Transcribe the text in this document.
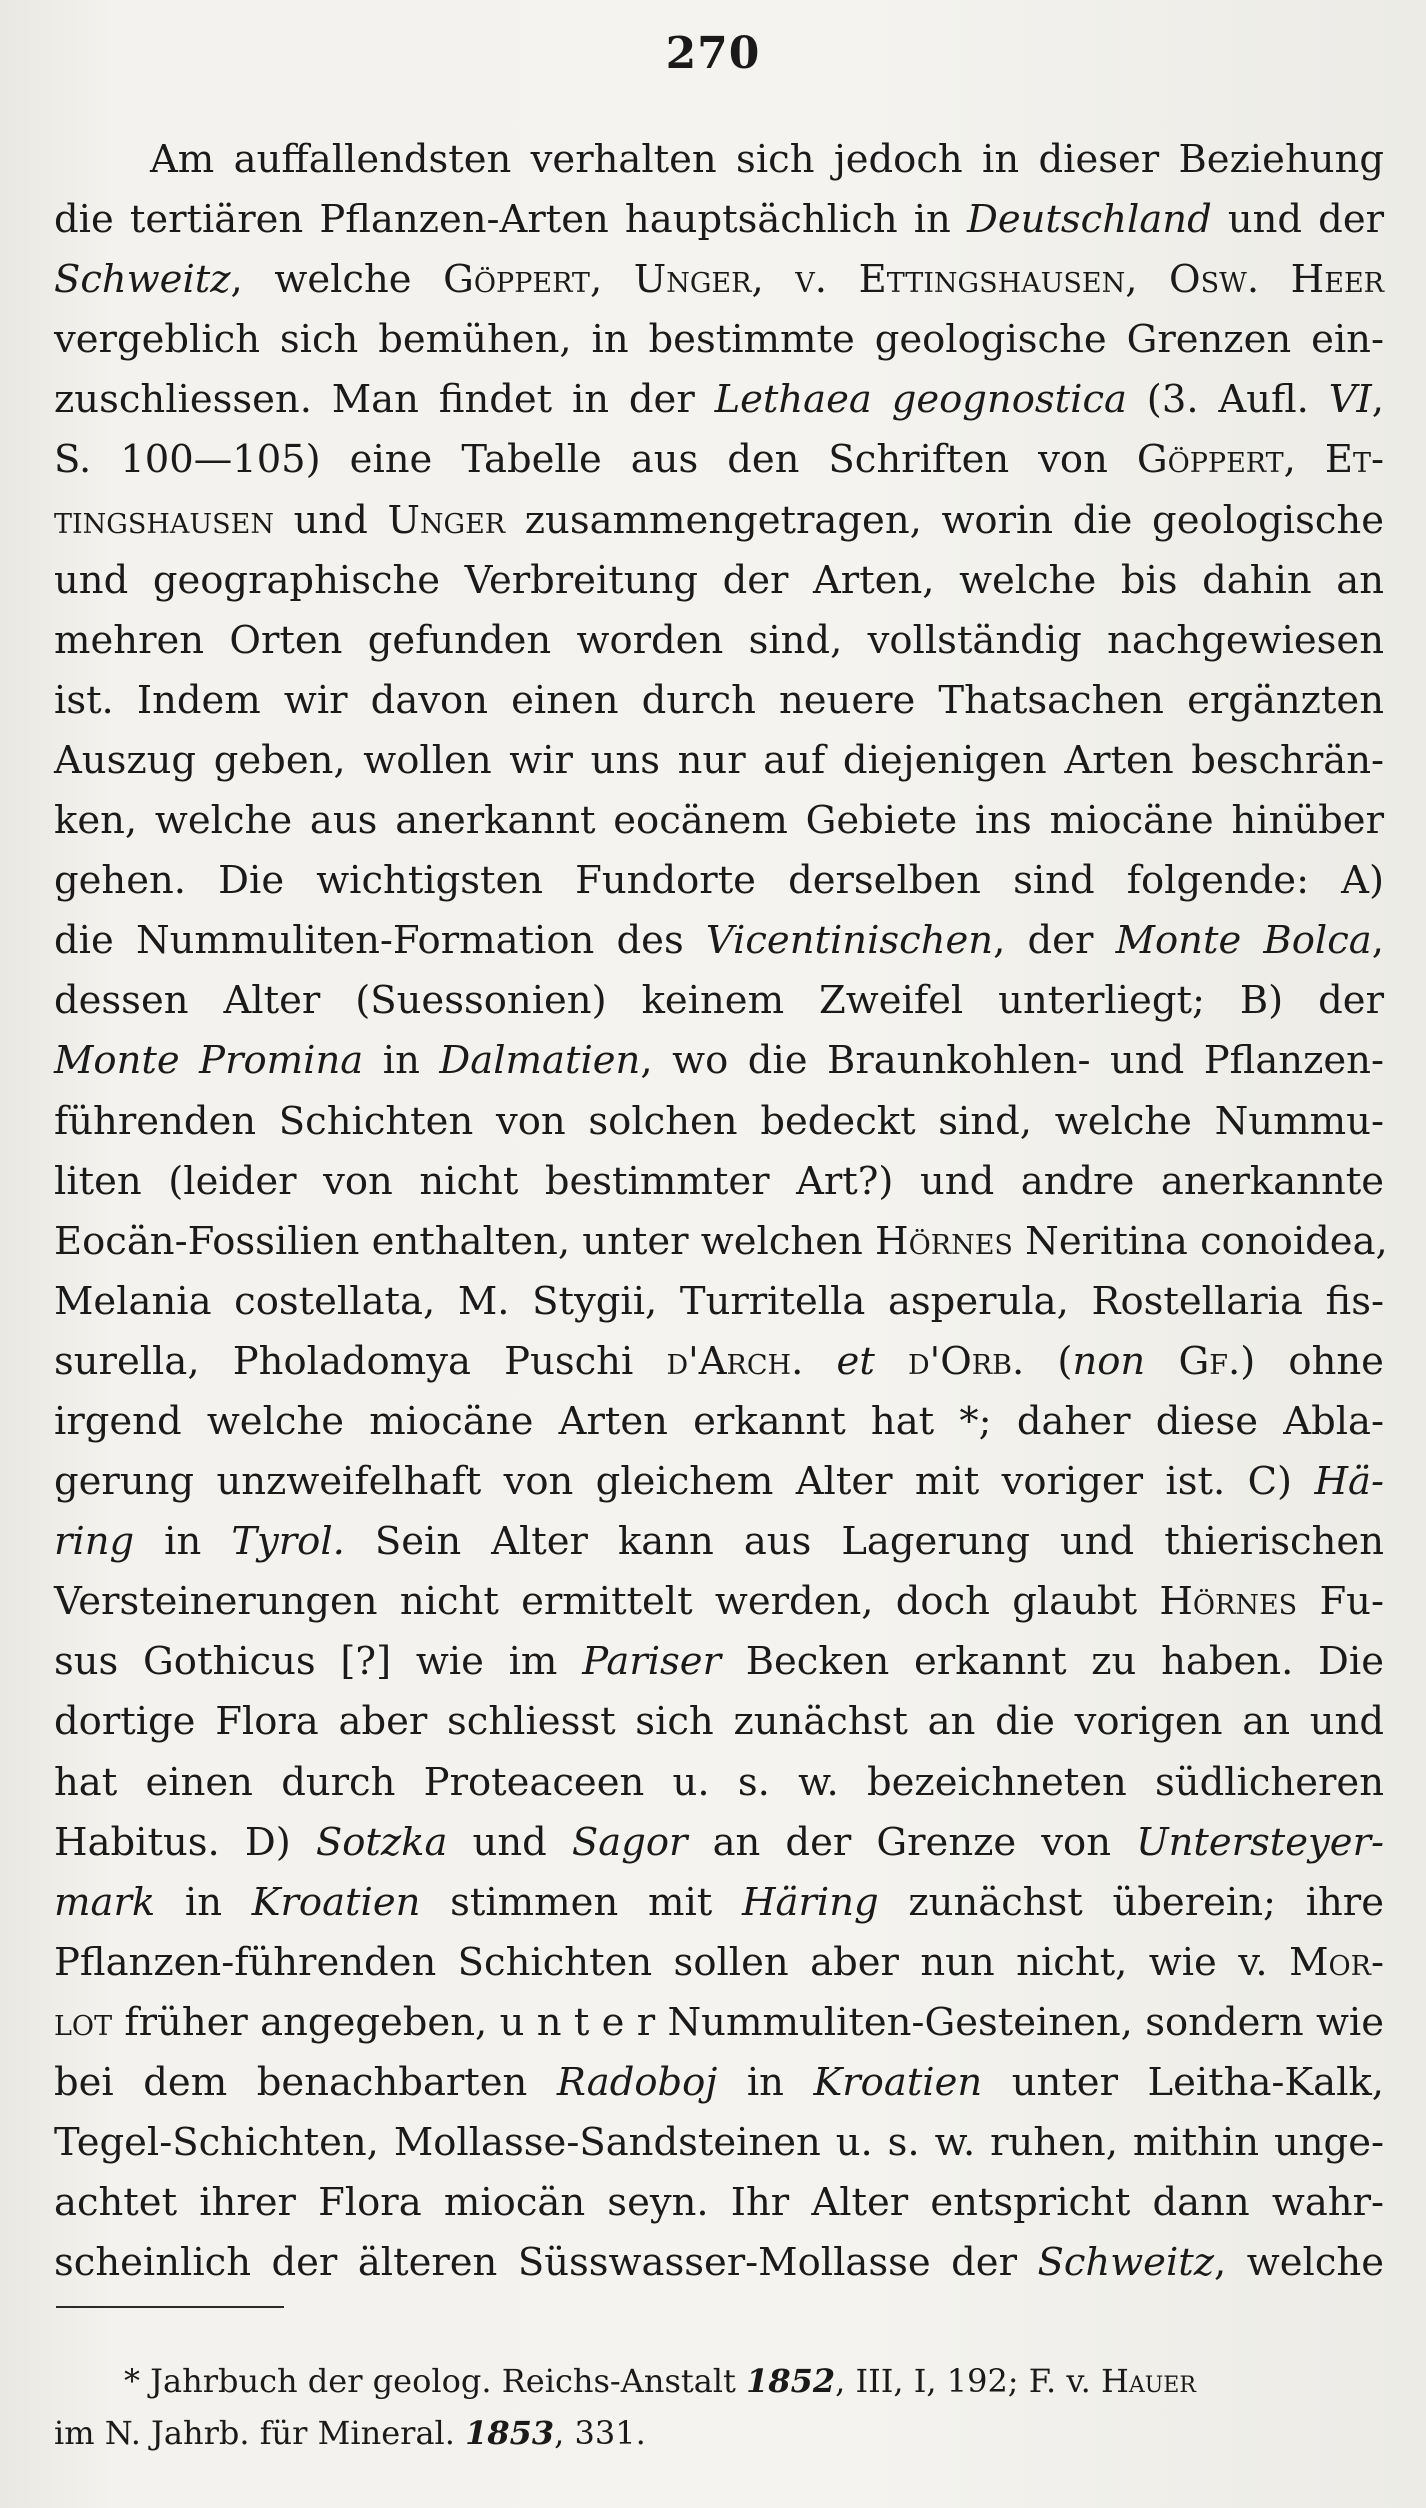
270
Am auffallendsten verhalten sich jedoch in dieser Beziehung
die tertiären Pflanzen-Arten hauptsächlich in Deutschland und der
Schweitz, welche Göppert, Unger, v. Ettingshausen, Osw. Heer
vergeblich sich bemühen, in bestimmte geologische Grenzen ein-
zuschliessen. Man findet in der Lethaea geognostica (3. Aufl. VI,
S. 100—105) eine Tabelle aus den Schriften von Göppert, Et-
tingshausen und Unger zusammengetragen, worin die geologische
und geographische Verbreitung der Arten, welche bis dahin an
mehren Orten gefunden worden sind, vollständig nachgewiesen
ist. Indem wir davon einen durch neuere Thatsachen ergänzten
Auszug geben, wollen wir uns nur auf diejenigen Arten beschrän-
ken, welche aus anerkannt eocänem Gebiete ins miocäne hinüber
gehen. Die wichtigsten Fundorte derselben sind folgende: A)
die Nummuliten-Formation des Vicentinischen, der Monte Bolca,
dessen Alter (Suessonien) keinem Zweifel unterliegt; B) der
Monte Promina in Dalmatien, wo die Braunkohlen- und Pflanzen-
führenden Schichten von solchen bedeckt sind, welche Nummu-
liten (leider von nicht bestimmter Art?) und andre anerkannte
Eocän-Fossilien enthalten, unter welchen Hörnes Neritina conoidea,
Melania costellata, M. Stygii, Turritella asperula, Rostellaria fis-
surella, Pholadomya Puschi d'Arch. et d'Orb. (non Gf.) ohne
irgend welche miocäne Arten erkannt hat *; daher diese Abla-
gerung unzweifelhaft von gleichem Alter mit voriger ist. C) Hä-
ring in Tyrol. Sein Alter kann aus Lagerung und thierischen
Versteinerungen nicht ermittelt werden, doch glaubt Hörnes Fu-
sus Gothicus [?] wie im Pariser Becken erkannt zu haben. Die
dortige Flora aber schliesst sich zunächst an die vorigen an und
hat einen durch Proteaceen u. s. w. bezeichneten südlicheren
Habitus. D) Sotzka und Sagor an der Grenze von Untersteyer-
mark in Kroatien stimmen mit Häring zunächst überein; ihre
Pflanzen-führenden Schichten sollen aber nun nicht, wie v. Mor-
lot früher angegeben, u n t e r Nummuliten-Gesteinen, sondern wie
bei dem benachbarten Radoboj in Kroatien unter Leitha-Kalk,
Tegel-Schichten, Mollasse-Sandsteinen u. s. w. ruhen, mithin unge-
achtet ihrer Flora miocän seyn. Ihr Alter entspricht dann wahr-
scheinlich der älteren Süsswasser-Mollasse der Schweitz, welche
* Jahrbuch der geolog. Reichs-Anstalt 1852, III, I, 192; F. v. Hauer
im N. Jahrb. für Mineral. 1853, 331.
